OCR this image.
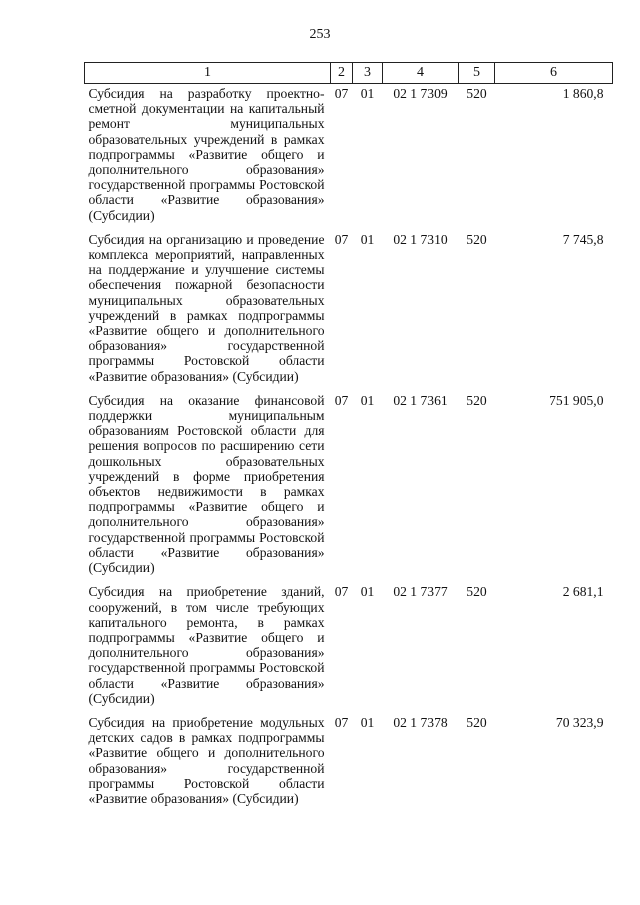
253
1	2	3	4	5	6
Субсидия на разработку проектно-сметной документации на капитальный ремонт муниципальных образовательных учреждений в рамках подпрограммы «Развитие общего и дополнительного образования» государственной программы Ростовской области «Развитие образования» (Субсидии)	07	01	02 1 7309	520	1 860,8
Субсидия на организацию и проведение комплекса мероприятий, направленных на поддержание и улучшение системы обеспечения пожарной безопасности муниципальных образовательных учреждений в рамках подпрограммы «Развитие общего и дополнительного образования» государственной программы Ростовской области «Развитие образования» (Субсидии)	07	01	02 1 7310	520	7 745,8
Субсидия на оказание финансовой поддержки муниципальным образованиям Ростовской области для решения вопросов по расширению сети дошкольных образовательных учреждений в форме приобретения объектов недвижимости в рамках подпрограммы «Развитие общего и дополнительного образования» государственной программы Ростовской области «Развитие образования» (Субсидии)	07	01	02 1 7361	520	751 905,0
Субсидия на приобретение зданий, сооружений, в том числе требующих капитального ремонта, в рамках подпрограммы «Развитие общего и дополнительного образования» государственной программы Ростовской области «Развитие образования» (Субсидии)	07	01	02 1 7377	520	2 681,1
Субсидия на приобретение модульных детских садов в рамках подпрограммы «Развитие общего и дополнительного образования» государственной программы Ростовской области «Развитие образования» (Субсидии)	07	01	02 1 7378	520	70 323,9
